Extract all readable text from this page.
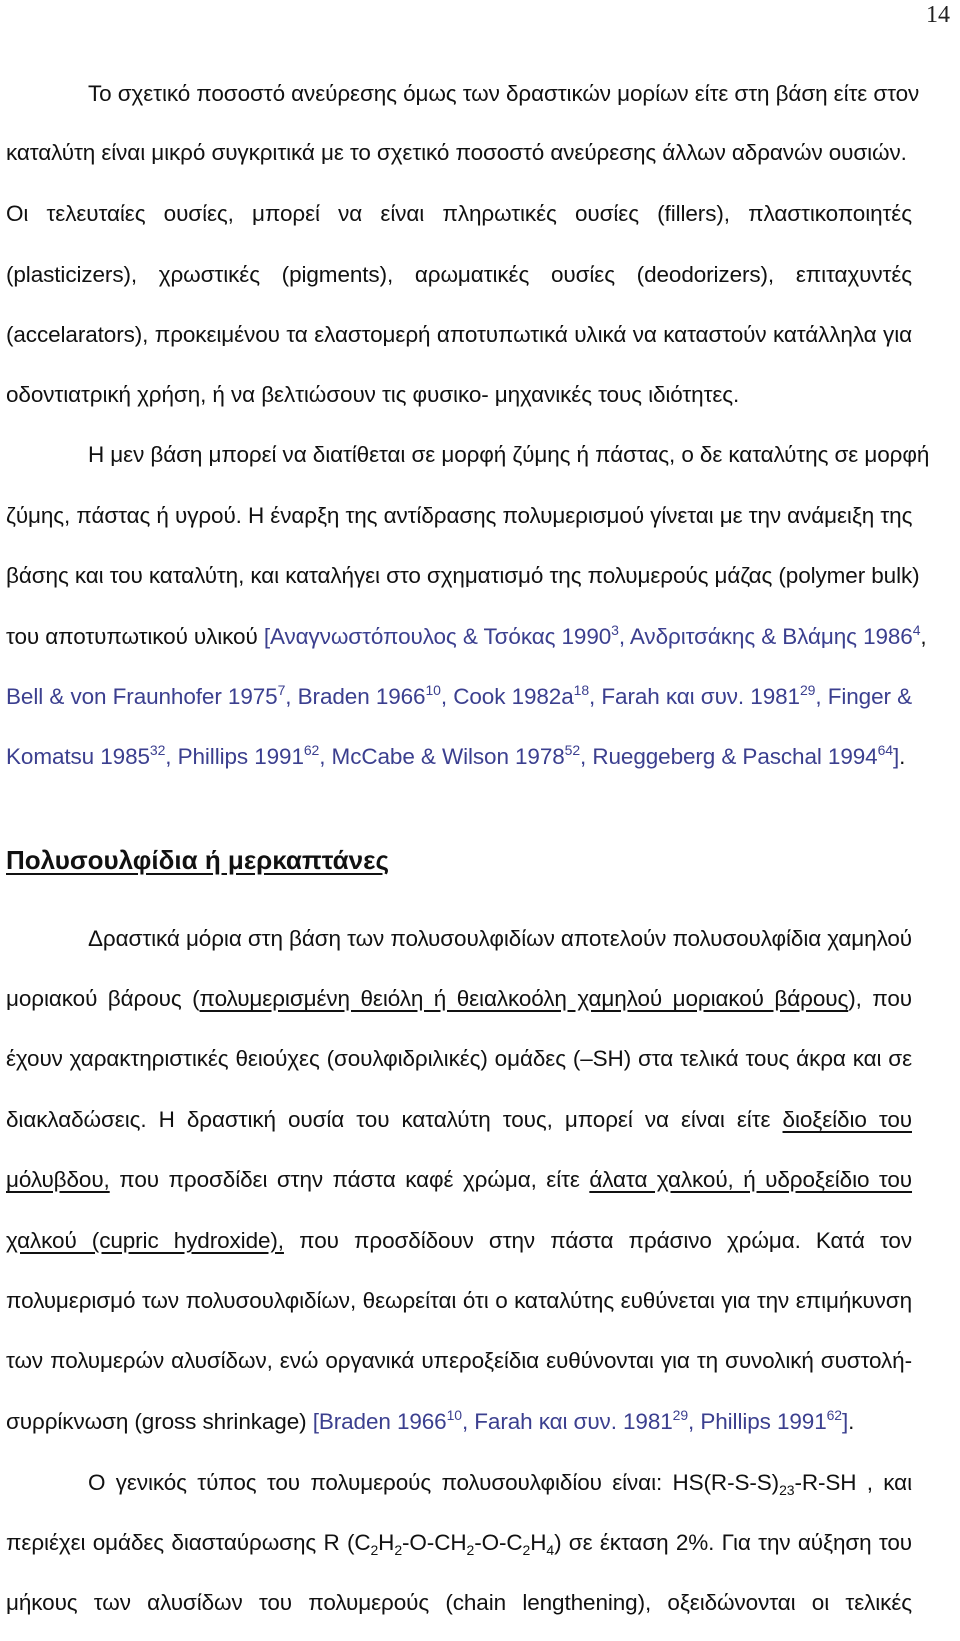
14
Το σχετικό ποσοστό ανεύρεσης όμως των δραστικών μορίων είτε στη βάση είτε στον
καταλύτη είναι μικρό συγκριτικά με το σχετικό ποσοστό ανεύρεσης άλλων αδρανών ουσιών.
Οι τελευταίες ουσίες, μπορεί να είναι πληρωτικές ουσίες (fillers), πλαστικοποιητές
(plasticizers), χρωστικές (pigments), αρωματικές ουσίες (deodorizers), επιταχυντές
(accelarators), προκειμένου τα ελαστομερή αποτυπωτικά υλικά να καταστούν κατάλληλα για
οδοντιατρική χρήση, ή να βελτιώσουν τις φυσικο- μηχανικές τους ιδιότητες.
Η μεν βάση μπορεί να διατίθεται σε μορφή ζύμης ή πάστας, ο δε καταλύτης σε μορφή
ζύμης, πάστας ή υγρού. Η έναρξη της αντίδρασης πολυμερισμού γίνεται με την ανάμειξη της
βάσης και του καταλύτη, και καταλήγει στο σχηματισμό της πολυμερούς μάζας (polymer bulk)
του αποτυπωτικού υλικού [Αναγνωστόπουλος & Τσόκας 1990$^3$, Ανδριτσάκης & Βλάμης 1986$^4$,
Bell & von Fraunhofer 1975$^7$, Braden 1966$^{10}$, Cook 1982a$^{18}$, Farah και συν. 1981$^{29}$, Finger &
Komatsu 1985$^{32}$, Phillips 1991$^{62}$, McCabe & Wilson 1978$^{52}$, Rueggeberg & Paschal 1994$^{64}$].
Πολυσουλφίδια ή μερκαπτάνες
Δραστικά μόρια στη βάση των πολυσουλφιδίων αποτελούν πολυσουλφίδια χαμηλού
μοριακού βάρους (πολυμερισμένη θειόλη ή θειαλκοόλη χαμηλού μοριακού βάρους), που
έχουν χαρακτηριστικές θειούχες (σουλφιδριλικές) ομάδες (–SH) στα τελικά τους άκρα και σε
διακλαδώσεις. Η δραστική ουσία του καταλύτη τους, μπορεί να είναι είτε διοξείδιο του
μόλυβδου, που προσδίδει στην πάστα καφέ χρώμα, είτε άλατα χαλκού, ή υδροξείδιο του
χαλκού (cupric hydroxide), που προσδίδουν στην πάστα πράσινο χρώμα. Κατά τον
πολυμερισμό των πολυσουλφιδίων, θεωρείται ότι ο καταλύτης ευθύνεται για την επιμήκυνση
των πολυμερών αλυσίδων, ενώ οργανικά υπεροξείδια ευθύνονται για τη συνολική συστολή-
συρρίκνωση (gross shrinkage) [Braden 1966$^{10}$, Farah και συν. 1981$^{29}$, Phillips 1991$^{62}$].
Ο γενικός τύπος του πολυμερούς πολυσουλφιδίου είναι: $HS(R-S-S)_{23}-R-SH$ , και
περιέχει ομάδες διασταύρωσης R $(C_2H_2-O-CH_2-O-C_2H_4)$ σε έκταση 2%. Για την αύξηση του
μήκους των αλυσίδων του πολυμερούς (chain lengthening), οξειδώνονται οι τελικές
